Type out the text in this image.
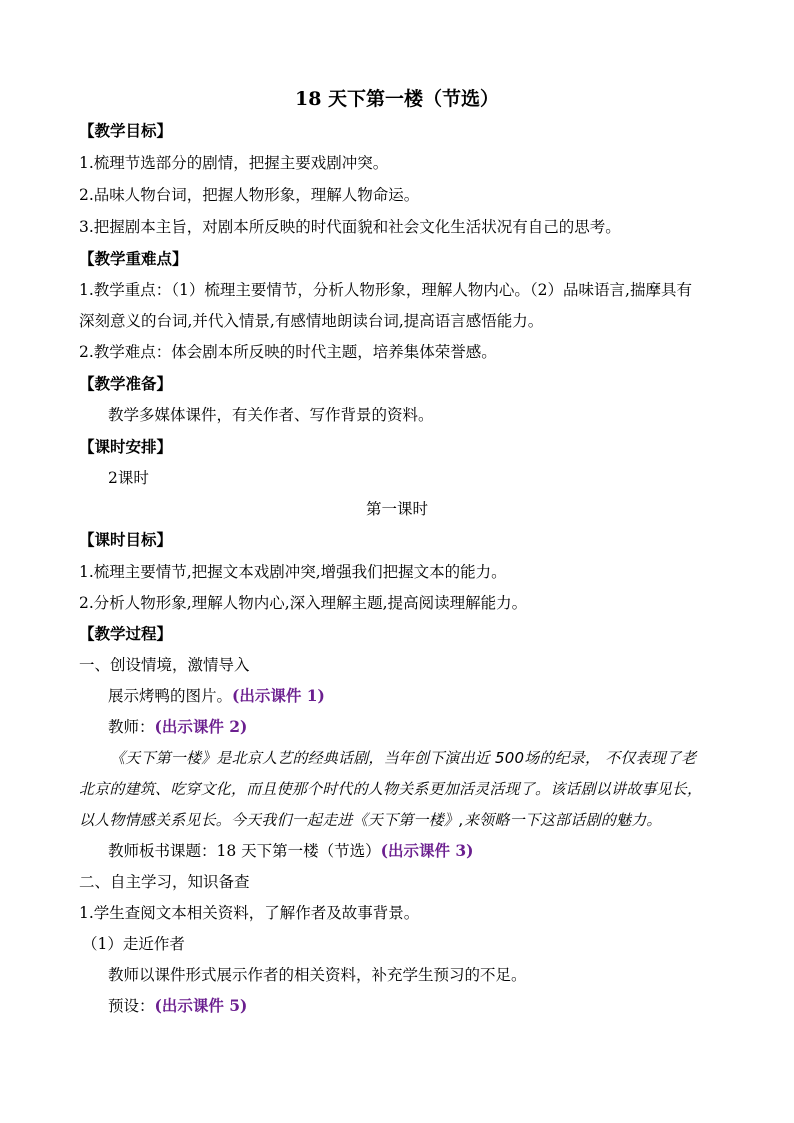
18 天下第一楼（节选）
【教学目标】
1.梳理节选部分的剧情，把握主要戏剧冲突。
2.品味人物台词，把握人物形象，理解人物命运。
3.把握剧本主旨，对剧本所反映的时代面貌和社会文化生活状况有自己的思考。
【教学重难点】
1.教学重点：（1）梳理主要情节，分析人物形象，理解人物内心。（2）品味语言,揣摩具有
深刻意义的台词,并代入情景,有感情地朗读台词,提高语言感悟能力。
2.教学难点：体会剧本所反映的时代主题，培养集体荣誉感。
【教学准备】
教学多媒体课件，有关作者、写作背景的资料。
【课时安排】
2课时
第一课时
【课时目标】
1.梳理主要情节,把握文本戏剧冲突,增强我们把握文本的能力。
2.分析人物形象,理解人物内心,深入理解主题,提高阅读理解能力。
【教学过程】
一、创设情境，激情导入
展示烤鸭的图片。(出示课件 1)
教师：(出示课件 2)
《天下第一楼》是北京人艺的经典话剧，当年创下演出近 500场的纪录， 不仅表现了老
北京的建筑、吃穿文化，而且使那个时代的人物关系更加活灵活现了。该话剧以讲故事见长，
以人物情感关系见长。今天我们一起走进《天下第一楼》,来领略一下这部话剧的魅力。
教师板书课题：18 天下第一楼（节选）(出示课件 3)
二、自主学习，知识备查
1.学生查阅文本相关资料，了解作者及故事背景。
（1）走近作者
教师以课件形式展示作者的相关资料，补充学生预习的不足。
预设：(出示课件 5)
